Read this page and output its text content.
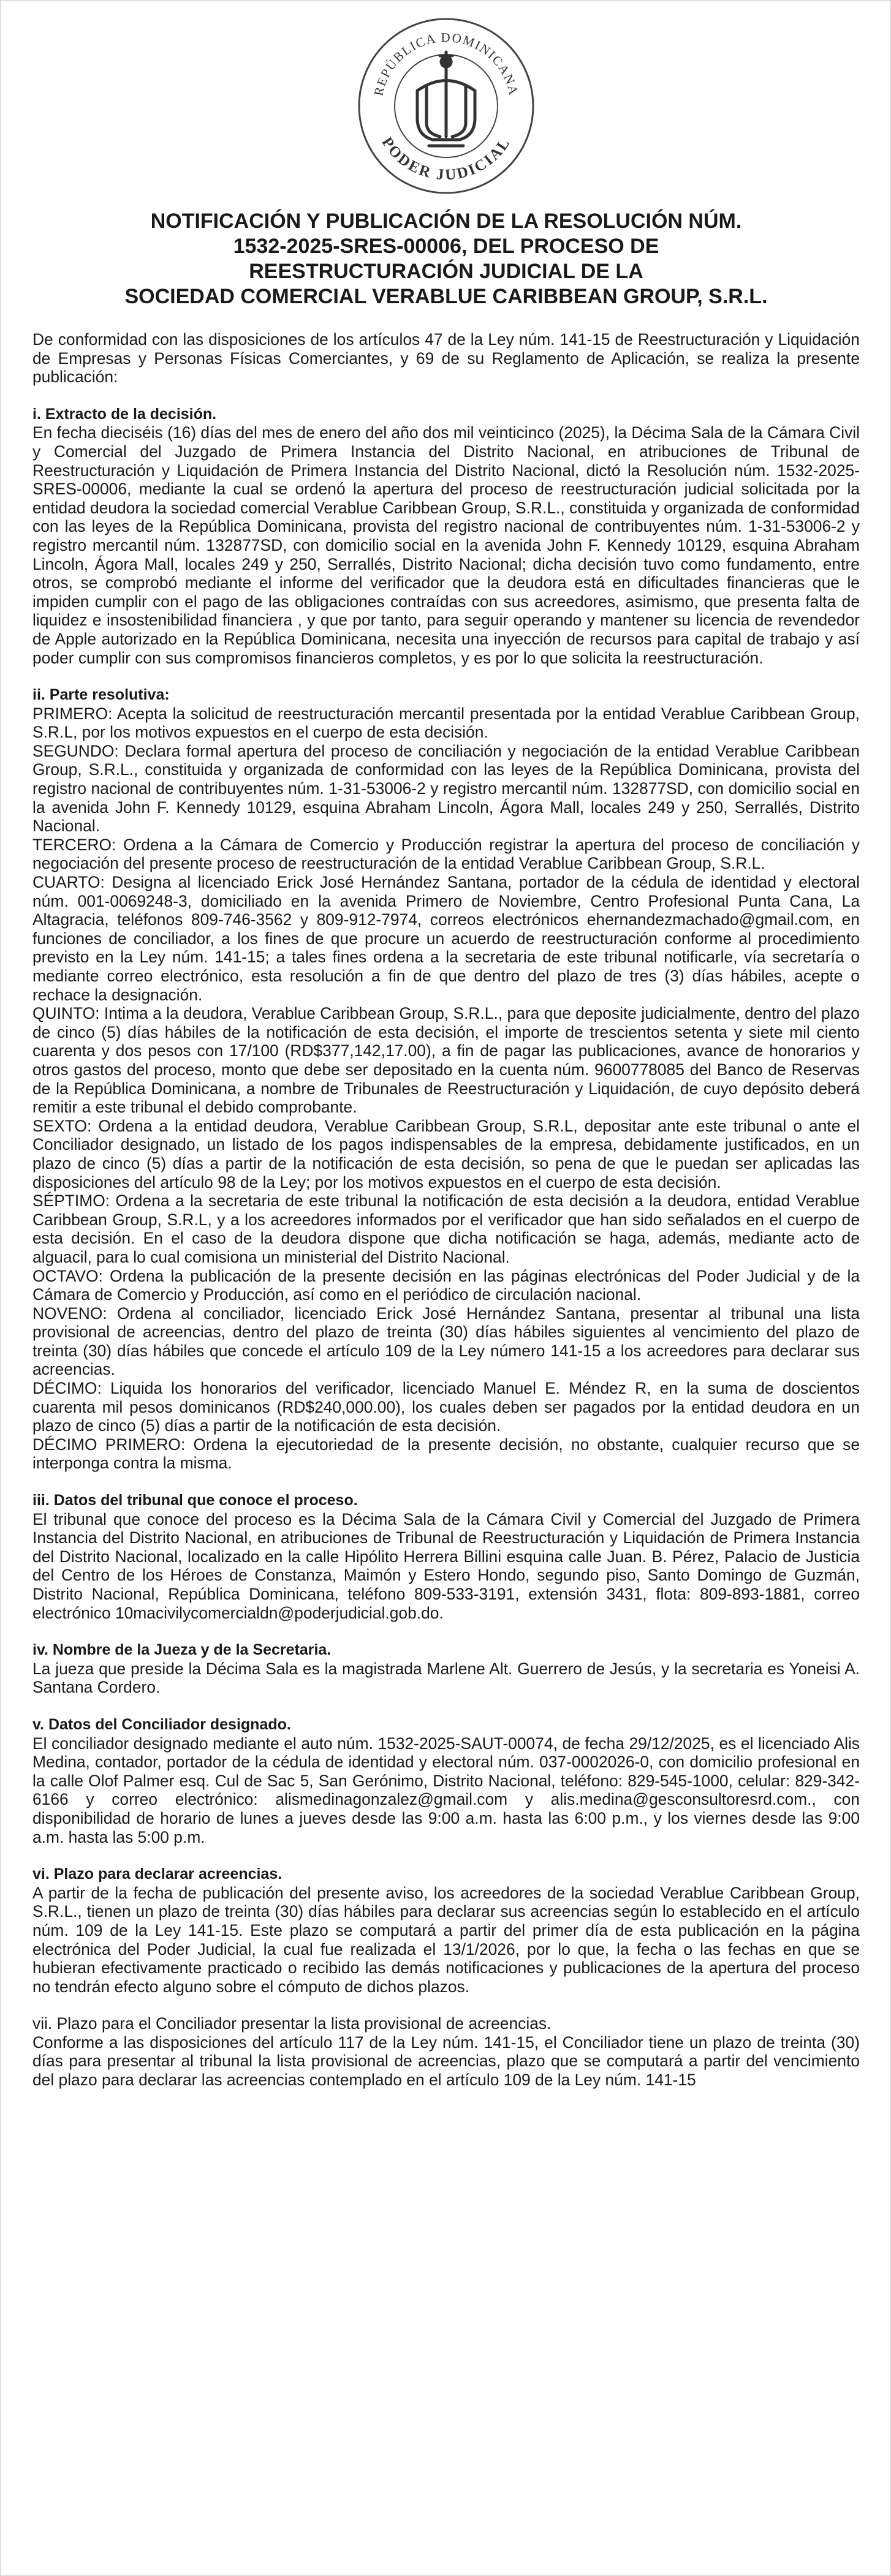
REPÚBLICA DOMINICANA
PODER JUDICIAL
NOTIFICACIÓN Y PUBLICACIÓN DE LA RESOLUCIÓN NÚM.
1532-2025-SRES-00006, DEL PROCESO DE
REESTRUCTURACIÓN JUDICIAL DE LA
SOCIEDAD COMERCIAL VERABLUE CARIBBEAN GROUP, S.R.L.

De conformidad con las disposiciones de los artículos 47 de la Ley núm. 141-15 de Reestructuración y Liquidación de Empresas y Personas Físicas Comerciantes, y 69 de su Reglamento de Aplicación, se realiza la presente publicación:

i. Extracto de la decisión.

En fecha dieciséis (16) días del mes de enero del año dos mil veinticinco (2025), la Décima Sala de la Cámara Civil y Comercial del Juzgado de Primera Instancia del Distrito Nacional, en atribuciones de Tribunal de Reestructuración y Liquidación de Primera Instancia del Distrito Nacional, dictó la Resolución núm. 1532-2025-SRES-00006, mediante la cual se ordenó la apertura del proceso de reestructuración judicial solicitada por la entidad deudora la sociedad comercial Verablue Caribbean Group, S.R.L., constituida y organizada de conformidad con las leyes de la República Dominicana, provista del registro nacional de contribuyentes núm. 1-31-53006-2 y registro mercantil núm. 132877SD, con domicilio social en la avenida John F. Kennedy 10129, esquina Abraham Lincoln, Ágora Mall, locales 249 y 250, Serrallés, Distrito Nacional; dicha decisión tuvo como fundamento, entre otros, se comprobó mediante el informe del verificador que la deudora está en dificultades financieras que le impiden cumplir con el pago de las obligaciones contraídas con sus acreedores, asimismo, que presenta falta de liquidez e insostenibilidad financiera , y que por tanto, para seguir operando y mantener su licencia de revendedor de Apple autorizado en la República Dominicana, necesita una inyección de recursos para capital de trabajo y así poder cumplir con sus compromisos financieros completos, y es por lo que solicita la reestructuración.

ii. Parte resolutiva:

PRIMERO: Acepta la solicitud de reestructuración mercantil presentada por la entidad Verablue Caribbean Group, S.R.L, por los motivos expuestos en el cuerpo de esta decisión.

SEGUNDO: Declara formal apertura del proceso de conciliación y negociación de la entidad Verablue Caribbean Group, S.R.L., constituida y organizada de conformidad con las leyes de la República Dominicana, provista del registro nacional de contribuyentes núm. 1-31-53006-2 y registro mercantil núm. 132877SD, con domicilio social en la avenida John F. Kennedy 10129, esquina Abraham Lincoln, Ágora Mall, locales 249 y 250, Serrallés, Distrito Nacional.

TERCERO: Ordena a la Cámara de Comercio y Producción registrar la apertura del proceso de conciliación y negociación del presente proceso de reestructuración de la entidad Verablue Caribbean Group, S.R.L.

CUARTO: Designa al licenciado Erick José Hernández Santana, portador de la cédula de identidad y electoral núm. 001-0069248-3, domiciliado en la avenida Primero de Noviembre, Centro Profesional Punta Cana, La Altagracia, teléfonos 809-746-3562 y 809-912-7974, correos electrónicos ehernandezmachado@gmail.com, en funciones de conciliador, a los fines de que procure un acuerdo de reestructuración conforme al procedimiento previsto en la Ley núm. 141-15; a tales fines ordena a la secretaria de este tribunal notificarle, vía secretaría o mediante correo electrónico, esta resolución a fin de que dentro del plazo de tres (3) días hábiles, acepte o rechace la designación.

QUINTO: Intima a la deudora, Verablue Caribbean Group, S.R.L., para que deposite judicialmente, dentro del plazo de cinco (5) días hábiles de la notificación de esta decisión, el importe de trescientos setenta y siete mil ciento cuarenta y dos pesos con 17/100 (RD$377,142,17.00), a fin de pagar las publicaciones, avance de honorarios y otros gastos del proceso, monto que debe ser depositado en la cuenta núm. 9600778085 del Banco de Reservas de la República Dominicana, a nombre de Tribunales de Reestructuración y Liquidación, de cuyo depósito deberá remitir a este tribunal el debido comprobante.

SEXTO: Ordena a la entidad deudora, Verablue Caribbean Group, S.R.L, depositar ante este tribunal o ante el Conciliador designado, un listado de los pagos indispensables de la empresa, debidamente justificados, en un plazo de cinco (5) días a partir de la notificación de esta decisión, so pena de que le puedan ser aplicadas las disposiciones del artículo 98 de la Ley; por los motivos expuestos en el cuerpo de esta decisión.

SÉPTIMO: Ordena a la secretaria de este tribunal la notificación de esta decisión a la deudora, entidad Verablue Caribbean Group, S.R.L, y a los acreedores informados por el verificador que han sido señalados en el cuerpo de esta decisión. En el caso de la deudora dispone que dicha notificación se haga, además, mediante acto de alguacil, para lo cual comisiona un ministerial del Distrito Nacional.

OCTAVO: Ordena la publicación de la presente decisión en las páginas electrónicas del Poder Judicial y de la Cámara de Comercio y Producción, así como en el periódico de circulación nacional.

NOVENO: Ordena al conciliador, licenciado Erick José Hernández Santana, presentar al tribunal una lista provisional de acreencias, dentro del plazo de treinta (30) días hábiles siguientes al vencimiento del plazo de treinta (30) días hábiles que concede el artículo 109 de la Ley número 141-15 a los acreedores para declarar sus acreencias.

DÉCIMO: Liquida los honorarios del verificador, licenciado Manuel E. Méndez R, en la suma de doscientos cuarenta mil pesos dominicanos (RD$240,000.00), los cuales deben ser pagados por la entidad deudora en un plazo de cinco (5) días a partir de la notificación de esta decisión.

DÉCIMO PRIMERO: Ordena la ejecutoriedad de la presente decisión, no obstante, cualquier recurso que se interponga contra la misma.

iii. Datos del tribunal que conoce el proceso.

El tribunal que conoce del proceso es la Décima Sala de la Cámara Civil y Comercial del Juzgado de Primera Instancia del Distrito Nacional, en atribuciones de Tribunal de Reestructuración y Liquidación de Primera Instancia del Distrito Nacional, localizado en la calle Hipólito Herrera Billini esquina calle Juan. B. Pérez, Palacio de Justicia del Centro de los Héroes de Constanza, Maimón y Estero Hondo, segundo piso, Santo Domingo de Guzmán, Distrito Nacional, República Dominicana, teléfono 809-533-3191, extensión 3431, flota: 809-893-1881, correo electrónico 10macivilycomercialdn@poderjudicial.gob.do.

iv. Nombre de la Jueza y de la Secretaria.

La jueza que preside la Décima Sala es la magistrada Marlene Alt. Guerrero de Jesús, y la secretaria es Yoneisi A. Santana Cordero.

v. Datos del Conciliador designado.

El conciliador designado mediante el auto núm. 1532-2025-SAUT-00074, de fecha 29/12/2025, es el licenciado Alis Medina, contador, portador de la cédula de identidad y electoral núm. 037-0002026-0, con domicilio profesional en la calle Olof Palmer esq. Cul de Sac 5, San Gerónimo, Distrito Nacional, teléfono: 829-545-1000, celular: 829-342-6166 y correo electrónico: alismedinagonzalez@gmail.com y alis.medina@gesconsultoresrd.com., con disponibilidad de horario de lunes a jueves desde las 9:00 a.m. hasta las 6:00 p.m., y los viernes desde las 9:00 a.m. hasta las 5:00 p.m.

vi. Plazo para declarar acreencias.

A partir de la fecha de publicación del presente aviso, los acreedores de la sociedad Verablue Caribbean Group, S.R.L., tienen un plazo de treinta (30) días hábiles para declarar sus acreencias según lo establecido en el artículo núm. 109 de la Ley 141-15. Este plazo se computará a partir del primer día de esta publicación en la página electrónica del Poder Judicial, la cual fue realizada el 13/1/2026, por lo que, la fecha o las fechas en que se hubieran efectivamente practicado o recibido las demás notificaciones y publicaciones de la apertura del proceso no tendrán efecto alguno sobre el cómputo de dichos plazos.

vii. Plazo para el Conciliador presentar la lista provisional de acreencias.

Conforme a las disposiciones del artículo 117 de la Ley núm. 141-15, el Conciliador tiene un plazo de treinta (30) días para presentar al tribunal la lista provisional de acreencias, plazo que se computará a partir del vencimiento del plazo para declarar las acreencias contemplado en el artículo 109 de la Ley núm. 141-15
